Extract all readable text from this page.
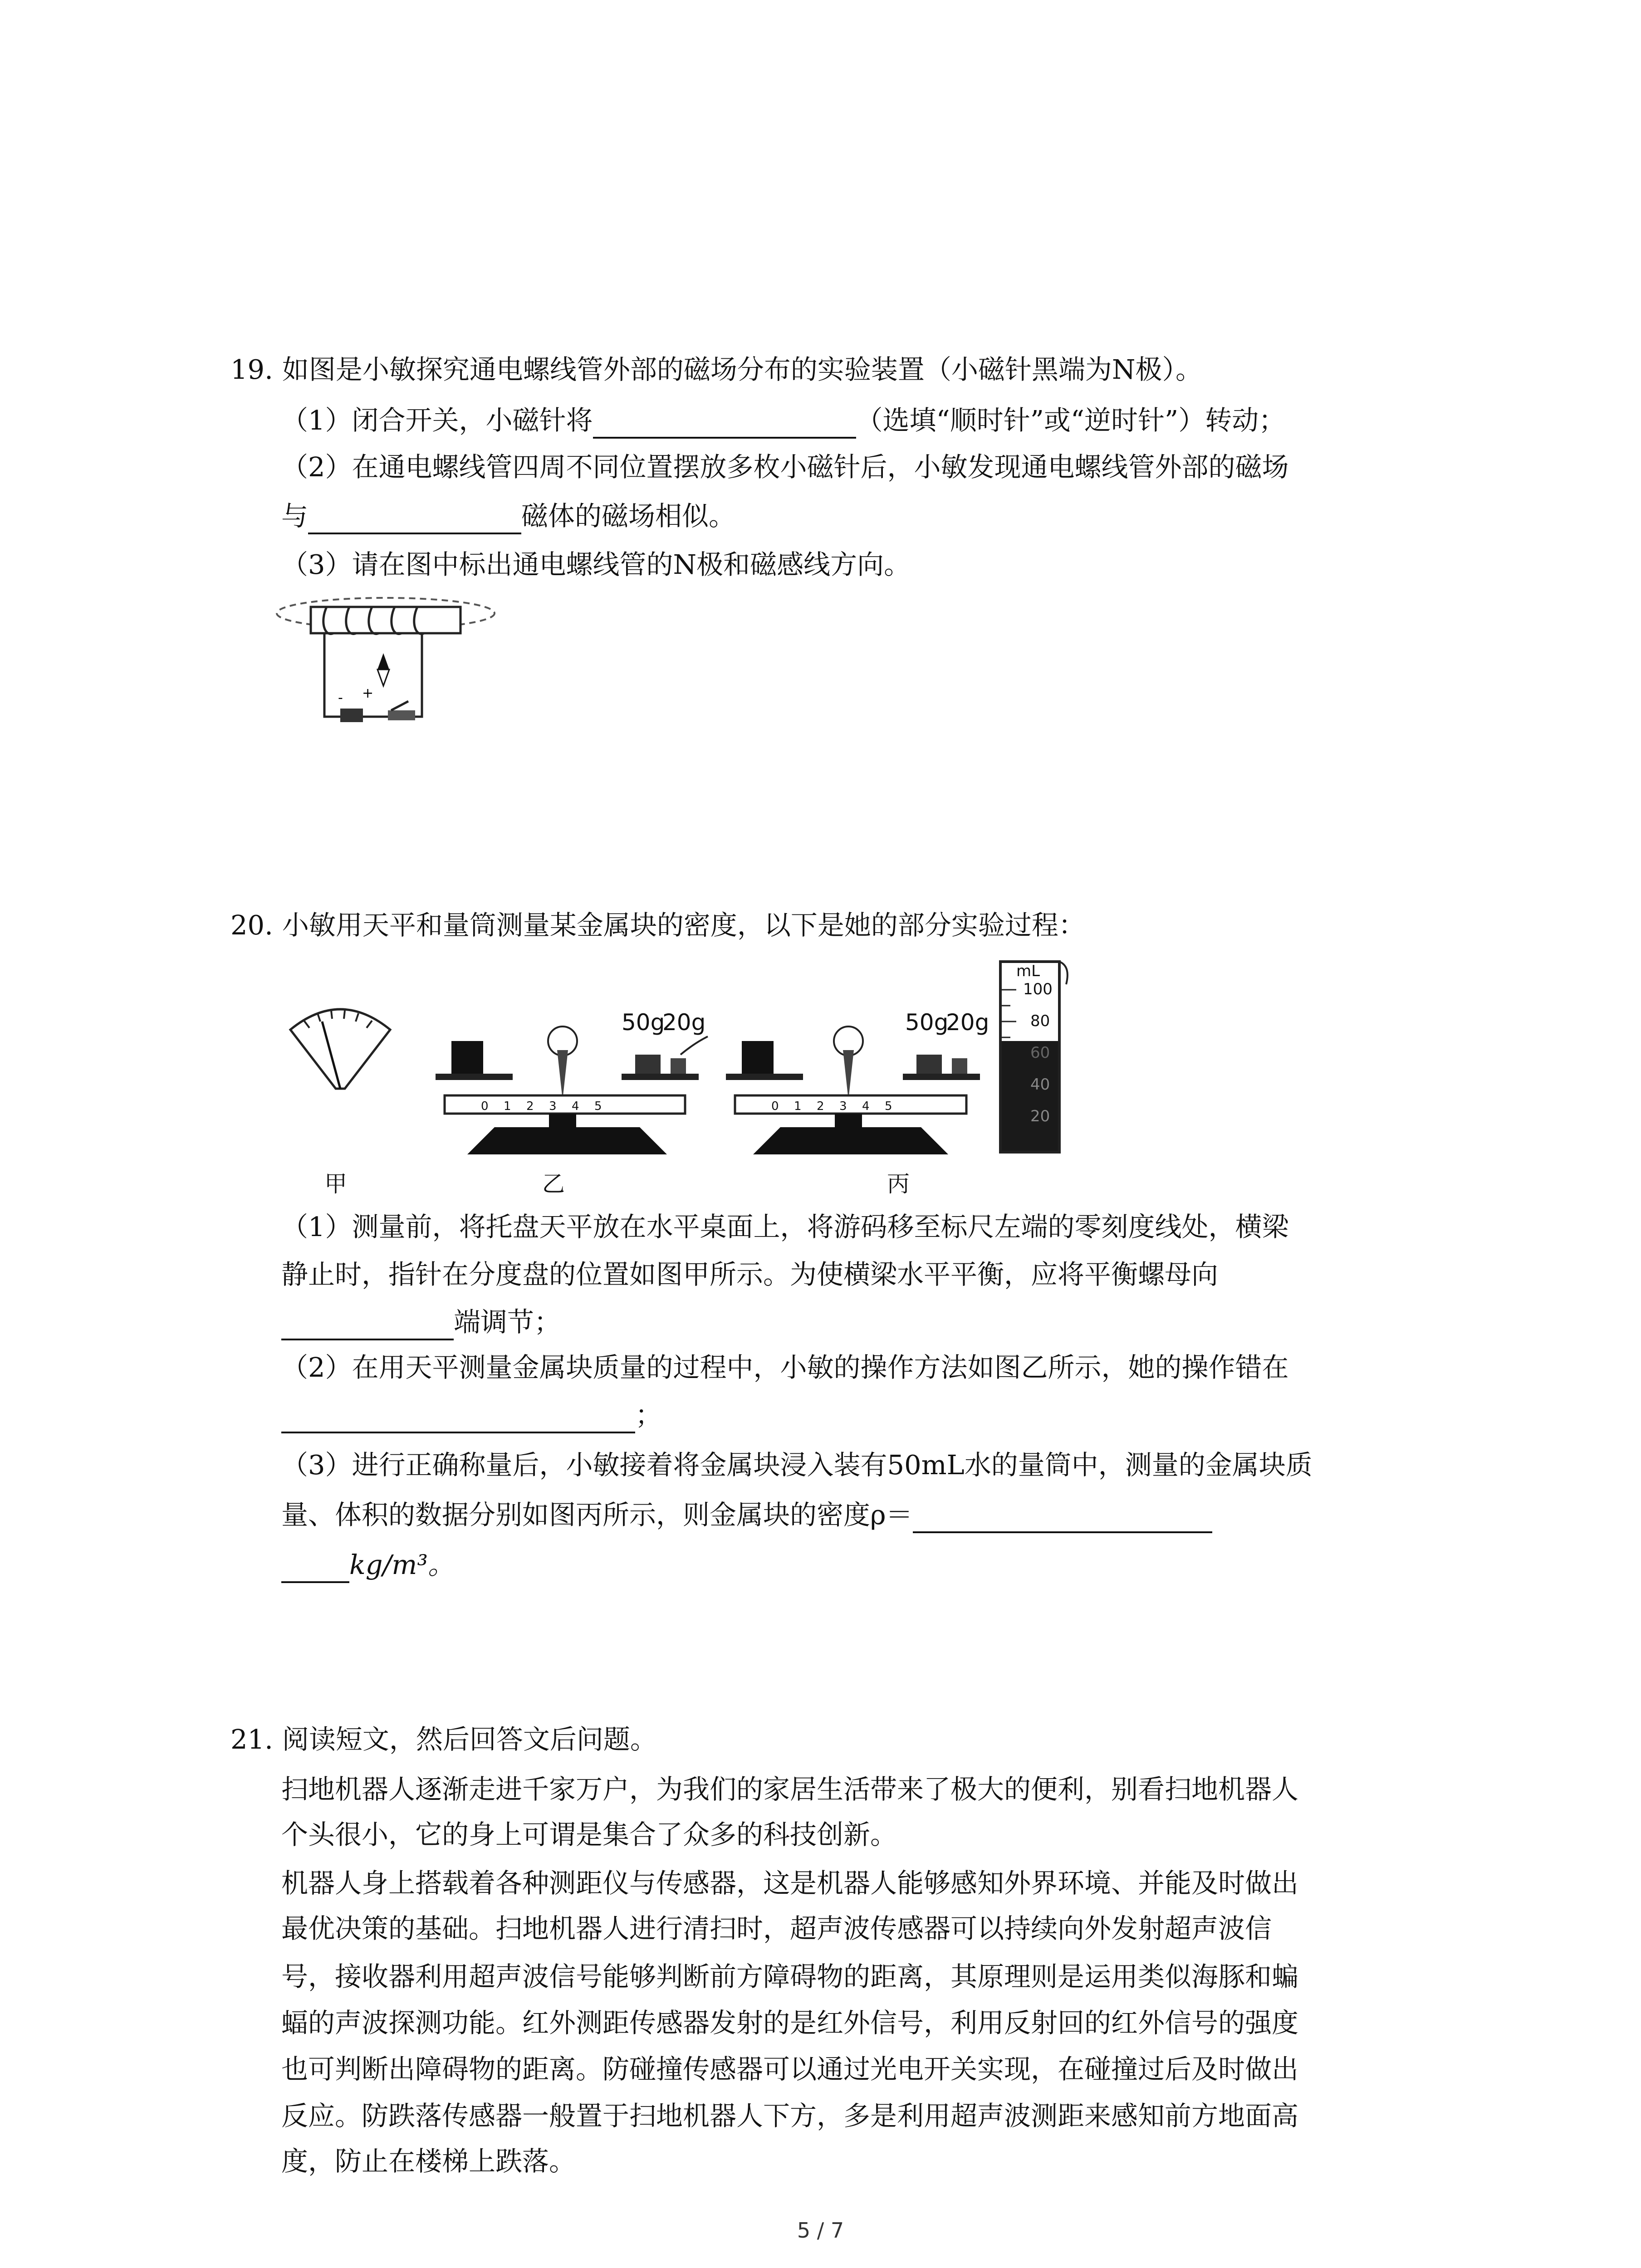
19. 如图是小敏探究通电螺线管外部的磁场分布的实验装置（小磁针黑端为N极）。

（1）闭合开关，小磁针将	（选填“顺时针”或“逆时针”）转动；

（2）在通电螺线管四周不同位置摆放多枚小磁针后，小敏发现通电螺线管外部的磁场

与	磁体的磁场相似。

（3）请在图中标出通电螺线管的N极和磁感线方向。

- +

20. 小敏用天平和量筒测量某金属块的密度，以下是她的部分实验过程：

甲
0 1 2 3 4 5
乙
0 1 2 3 4 5
丙
50g
20g	50g
20g
mL
100
80
60
40
20

（1）测量前，将托盘天平放在水平桌面上，将游码移至标尺左端的零刻度线处，横梁

静止时，指针在分度盘的位置如图甲所示。为使横梁水平平衡，应将平衡螺母向

端调节；

（2）在用天平测量金属块质量的过程中，小敏的操作方法如图乙所示，她的操作错在

；

（3）进行正确称量后，小敏接着将金属块浸入装有50mL水的量筒中，测量的金属块质

量、体积的数据分别如图丙所示，则金属块的密度ρ＝

kg/m³。

21. 阅读短文，然后回答文后问题。

扫地机器人逐渐走进千家万户，为我们的家居生活带来了极大的便利，别看扫地机器人

个头很小，它的身上可谓是集合了众多的科技创新。

机器人身上搭载着各种测距仪与传感器，这是机器人能够感知外界环境、并能及时做出

最优决策的基础。扫地机器人进行清扫时，超声波传感器可以持续向外发射超声波信

号，接收器利用超声波信号能够判断前方障碍物的距离，其原理则是运用类似海豚和蝙

蝠的声波探测功能。红外测距传感器发射的是红外信号，利用反射回的红外信号的强度

也可判断出障碍物的距离。防碰撞传感器可以通过光电开关实现，在碰撞过后及时做出

反应。防跌落传感器一般置于扫地机器人下方，多是利用超声波测距来感知前方地面高

度，防止在楼梯上跌落。

5 / 7
